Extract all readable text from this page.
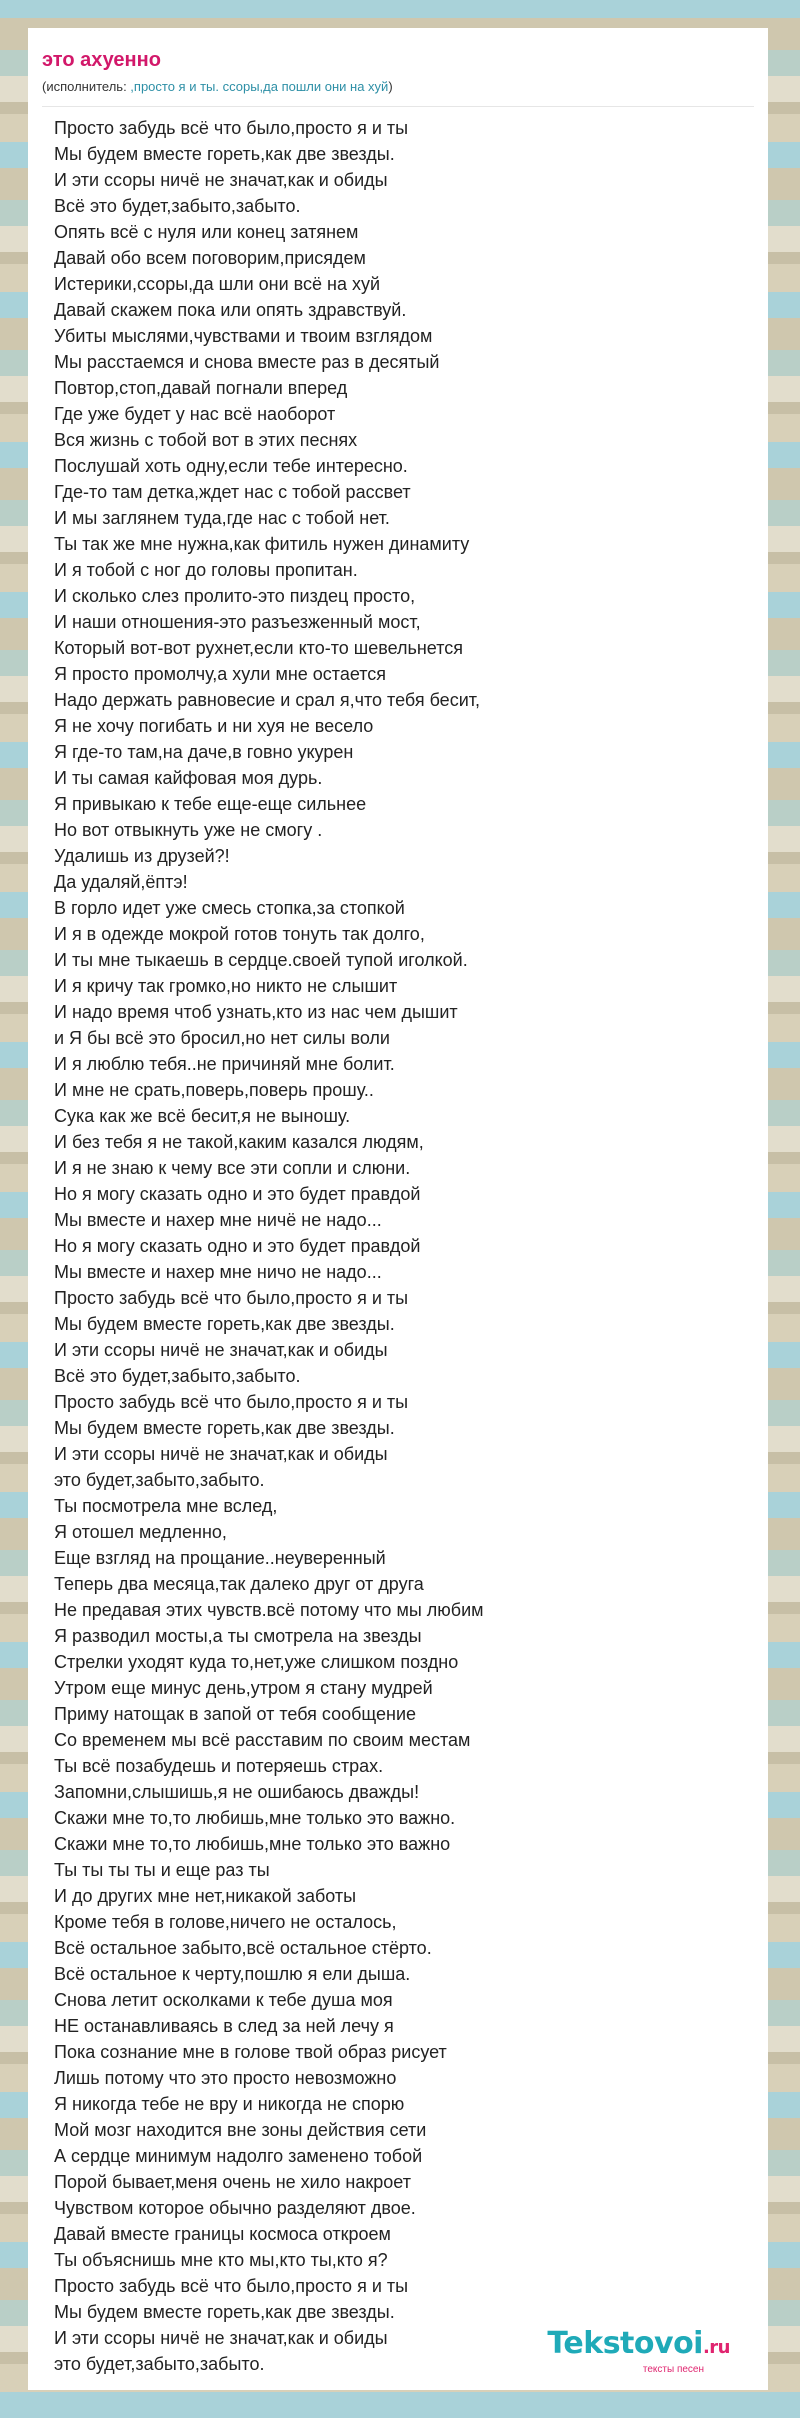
это ахуенно
(исполнитель: ,просто я и ты. ссоры,да пошли они на хуй)
Просто забудь всё что было,просто я и ты
Мы будем вместе гореть,как две звезды.
И эти ссоры ничё не значат,как и обиды
Всё это будет,забыто,забыто.
Опять всё с нуля или конец затянем
Давай обо всем поговорим,присядем
Истерики,ссоры,да шли они всё на хуй
Давай скажем пока или опять здравствуй.
Убиты мыслями,чувствами и твоим взглядом
Мы расстаемся и снова вместе раз в десятый
Повтор,стоп,давай погнали вперед
Где уже будет у нас всё наоборот
Вся жизнь с тобой вот в этих песнях
Послушай хоть одну,если тебе интересно.
Где-то там детка,ждет нас с тобой рассвет
И мы заглянем туда,где нас с тобой нет.
Ты так же мне нужна,как фитиль нужен динамиту
И я тобой с ног до головы пропитан.
И сколько слез пролито-это пиздец просто,
И наши отношения-это разъезженный мост,
Который вот-вот рухнет,если кто-то шевельнется
Я просто промолчу,а хули мне остается
Надо держать равновесие и срал я,что тебя бесит,
Я не хочу погибать и ни хуя не весело
Я где-то там,на даче,в говно укурен
И ты самая кайфовая моя дурь.
Я привыкаю к тебе еще-еще сильнее
Но вот отвыкнуть уже не смогу .
Удалишь из друзей?!
Да удаляй,ёптэ!
В горло идет уже смесь стопка,за стопкой
И я в одежде мокрой готов тонуть так долго,
И ты мне тыкаешь в сердце.своей тупой иголкой.
И я кричу так громко,но никто не слышит
И надо время чтоб узнать,кто из нас чем дышит
и Я бы всё это бросил,но нет силы воли
И я люблю тебя..не причиняй мне болит.
И мне не срать,поверь,поверь прошу..
Сука как же всё бесит,я не выношу.
И без тебя я не такой,каким казался людям,
И я не знаю к чему все эти сопли и слюни.
Но я могу сказать одно и это будет правдой
Мы вместе и нахер мне ничё не надо...
Но я могу сказать одно и это будет правдой
Мы вместе и нахер мне ничо не надо...
Просто забудь всё что было,просто я и ты
Мы будем вместе гореть,как две звезды.
И эти ссоры ничё не значат,как и обиды
Всё это будет,забыто,забыто.
Просто забудь всё что было,просто я и ты
Мы будем вместе гореть,как две звезды.
И эти ссоры ничё не значат,как и обиды
это будет,забыто,забыто.
Ты посмотрела мне вслед,
Я отошел медленно,
Еще взгляд на прощание..неуверенный
Теперь два месяца,так далеко друг от друга
Не предавая этих чувств.всё потому что мы любим
Я разводил мосты,а ты смотрела на звезды
Стрелки уходят куда то,нет,уже слишком поздно
Утром еще минус день,утром я стану мудрей
Приму натощак в запой от тебя сообщение
Со временем мы всё расставим по своим местам
Ты всё позабудешь и потеряешь страх.
Запомни,слышишь,я не ошибаюсь дважды!
Скажи мне то,то любишь,мне только это важно.
Скажи мне то,то любишь,мне только это важно
Ты ты ты ты и еще раз ты
И до других мне нет,никакой заботы
Кроме тебя в голове,ничего не осталось,
Всё остальное забыто,всё остальное стёрто.
Всё остальное к черту,пошлю я ели дыша.
Снова летит осколками к тебе душа моя
НЕ останавливаясь в след за ней лечу я
Пока сознание мне в голове твой образ рисует
Лишь потому что это просто невозможно
Я никогда тебе не вру и никогда не спорю
Мой мозг находится вне зоны действия сети
А сердце минимум надолго заменено тобой
Порой бывает,меня очень не хило накроет
Чувством которое обычно разделяют двое.
Давай вместе границы космоса откроем
Ты объяснишь мне кто мы,кто ты,кто я?
Просто забудь всё что было,просто я и ты
Мы будем вместе гореть,как две звезды.
И эти ссоры ничё не значат,как и обиды
это будет,забыто,забыто.
Tekstovoi.ru
тексты песен
